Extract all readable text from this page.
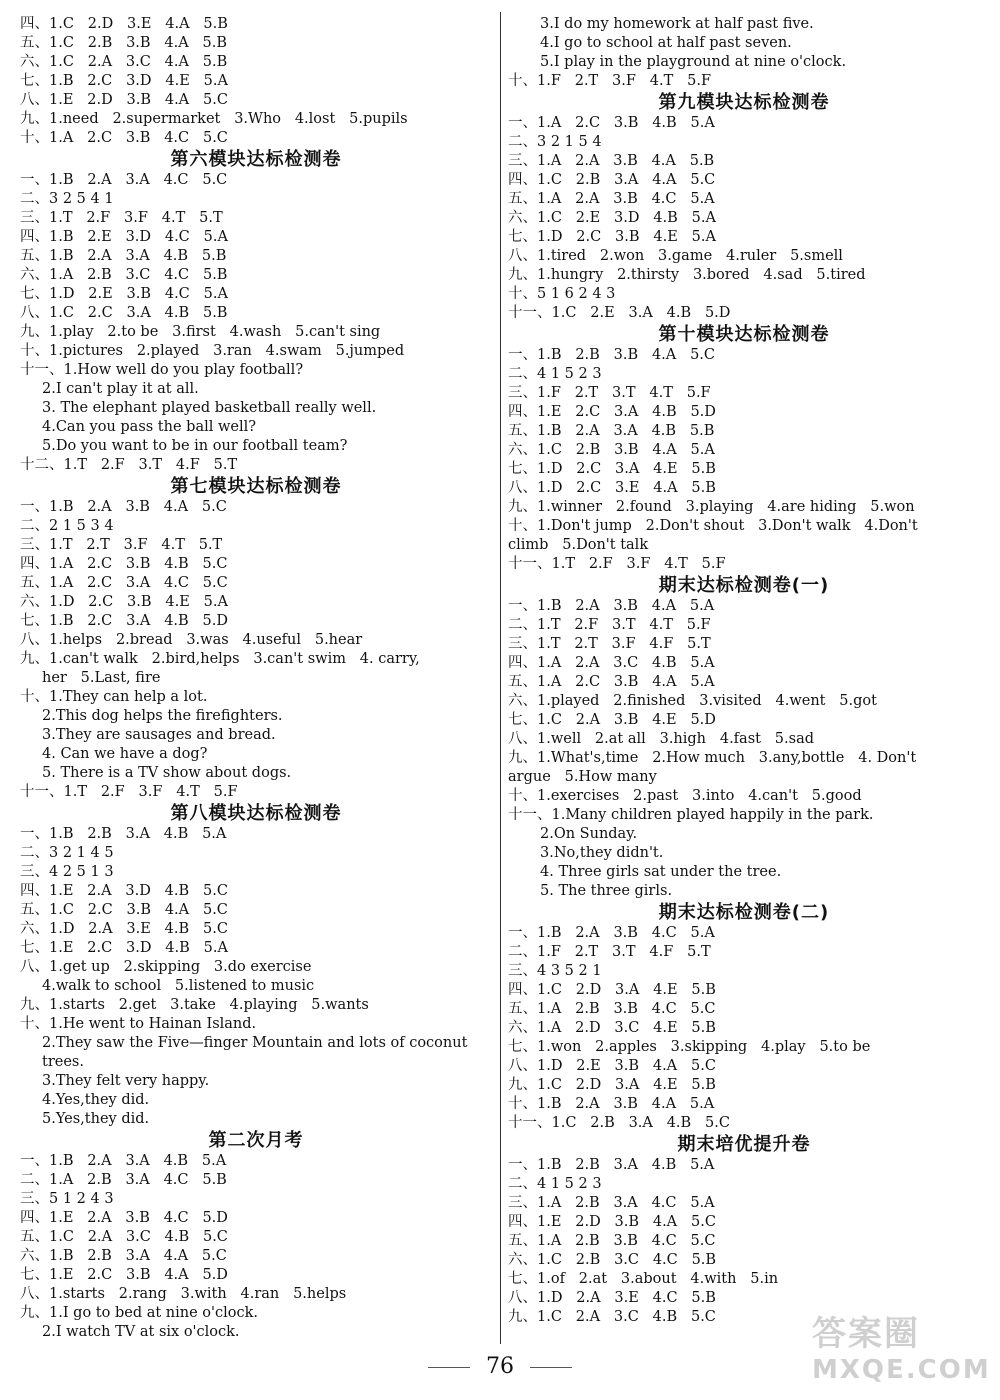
四、1.C   2.D   3.E   4.A   5.B
五、1.C   2.B   3.B   4.A   5.B
六、1.C   2.A   3.C   4.A   5.B
七、1.B   2.C   3.D   4.E   5.A
八、1.E   2.D   3.B   4.A   5.C
九、1.need   2.supermarket   3.Who   4.lost   5.pupils
十、1.A   2.C   3.B   4.C   5.C
第六模块达标检测卷
一、1.B   2.A   3.A   4.C   5.C
二、3 2 5 4 1
三、1.T   2.F   3.F   4.T   5.T
四、1.B   2.E   3.D   4.C   5.A
五、1.B   2.A   3.A   4.B   5.B
六、1.A   2.B   3.C   4.C   5.B
七、1.D   2.E   3.B   4.C   5.A
八、1.C   2.C   3.A   4.B   5.B
九、1.play   2.to be   3.first   4.wash   5.can't sing
十、1.pictures   2.played   3.ran   4.swam   5.jumped
十一、1.How well do you play football?
2.I can't play it at all.
3. The elephant played basketball really well.
4.Can you pass the ball well?
5.Do you want to be in our football team?
十二、1.T   2.F   3.T   4.F   5.T
第七模块达标检测卷
一、1.B   2.A   3.B   4.A   5.C
二、2 1 5 3 4
三、1.T   2.T   3.F   4.T   5.T
四、1.A   2.C   3.B   4.B   5.C
五、1.A   2.C   3.A   4.C   5.C
六、1.D   2.C   3.B   4.E   5.A
七、1.B   2.C   3.A   4.B   5.D
八、1.helps   2.bread   3.was   4.useful   5.hear
九、1.can't walk   2.bird,helps   3.can't swim   4. carry,
her   5.Last, fire
十、1.They can help a lot.
2.This dog helps the firefighters.
3.They are sausages and bread.
4. Can we have a dog?
5. There is a TV show about dogs.
十一、1.T   2.F   3.F   4.T   5.F
第八模块达标检测卷
一、1.B   2.B   3.A   4.B   5.A
二、3 2 1 4 5
三、4 2 5 1 3
四、1.E   2.A   3.D   4.B   5.C
五、1.C   2.C   3.B   4.A   5.C
六、1.D   2.A   3.E   4.B   5.C
七、1.E   2.C   3.D   4.B   5.A
八、1.get up   2.skipping   3.do exercise
4.walk to school   5.listened to music
九、1.starts   2.get   3.take   4.playing   5.wants
十、1.He went to Hainan Island.
2.They saw the Five—finger Mountain and lots of coconut
trees.
3.They felt very happy.
4.Yes,they did.
5.Yes,they did.
第二次月考
一、1.B   2.A   3.A   4.B   5.A
二、1.A   2.B   3.A   4.C   5.B
三、5 1 2 4 3
四、1.E   2.A   3.B   4.C   5.D
五、1.C   2.A   3.C   4.B   5.C
六、1.B   2.B   3.A   4.A   5.C
七、1.E   2.C   3.B   4.A   5.D
八、1.starts   2.rang   3.with   4.ran   5.helps
九、1.I go to bed at nine o'clock.
2.I watch TV at six o'clock.
3.I do my homework at half past five.
4.I go to school at half past seven.
5.I play in the playground at nine o'clock.
十、1.F   2.T   3.F   4.T   5.F
第九模块达标检测卷
一、1.A   2.C   3.B   4.B   5.A
二、3 2 1 5 4
三、1.A   2.A   3.B   4.A   5.B
四、1.C   2.B   3.A   4.A   5.C
五、1.A   2.A   3.B   4.C   5.A
六、1.C   2.E   3.D   4.B   5.A
七、1.D   2.C   3.B   4.E   5.A
八、1.tired   2.won   3.game   4.ruler   5.smell
九、1.hungry   2.thirsty   3.bored   4.sad   5.tired
十、5 1 6 2 4 3
十一、1.C   2.E   3.A   4.B   5.D
第十模块达标检测卷
一、1.B   2.B   3.B   4.A   5.C
二、4 1 5 2 3
三、1.F   2.T   3.T   4.T   5.F
四、1.E   2.C   3.A   4.B   5.D
五、1.B   2.A   3.A   4.B   5.B
六、1.C   2.B   3.B   4.A   5.A
七、1.D   2.C   3.A   4.E   5.B
八、1.D   2.C   3.E   4.A   5.B
九、1.winner   2.found   3.playing   4.are hiding   5.won
十、1.Don't jump   2.Don't shout   3.Don't walk   4.Don't
climb   5.Don't talk
十一、1.T   2.F   3.F   4.T   5.F
期末达标检测卷(一)
一、1.B   2.A   3.B   4.A   5.A
二、1.T   2.F   3.T   4.T   5.F
三、1.T   2.T   3.F   4.F   5.T
四、1.A   2.A   3.C   4.B   5.A
五、1.A   2.C   3.B   4.A   5.A
六、1.played   2.finished   3.visited   4.went   5.got
七、1.C   2.A   3.B   4.E   5.D
八、1.well   2.at all   3.high   4.fast   5.sad
九、1.What's,time   2.How much   3.any,bottle   4. Don't
argue   5.How many
十、1.exercises   2.past   3.into   4.can't   5.good
十一、1.Many children played happily in the park.
2.On Sunday.
3.No,they didn't.
4. Three girls sat under the tree.
5. The three girls.
期末达标检测卷(二)
一、1.B   2.A   3.B   4.C   5.A
二、1.F   2.T   3.T   4.F   5.T
三、4 3 5 2 1
四、1.C   2.D   3.A   4.E   5.B
五、1.A   2.B   3.B   4.C   5.C
六、1.A   2.D   3.C   4.E   5.B
七、1.won   2.apples   3.skipping   4.play   5.to be
八、1.D   2.E   3.B   4.A   5.C
九、1.C   2.D   3.A   4.E   5.B
十、1.B   2.A   3.B   4.A   5.A
十一、1.C   2.B   3.A   4.B   5.C
期末培优提升卷
一、1.B   2.B   3.A   4.B   5.A
二、4 1 5 2 3
三、1.A   2.B   3.A   4.C   5.A
四、1.E   2.D   3.B   4.A   5.C
五、1.A   2.B   3.B   4.C   5.C
六、1.C   2.B   3.C   4.C   5.B
七、1.of   2.at   3.about   4.with   5.in
八、1.D   2.A   3.E   4.C   5.B
九、1.C   2.A   3.C   4.B   5.C
76
答案圈
MXQE.COM
